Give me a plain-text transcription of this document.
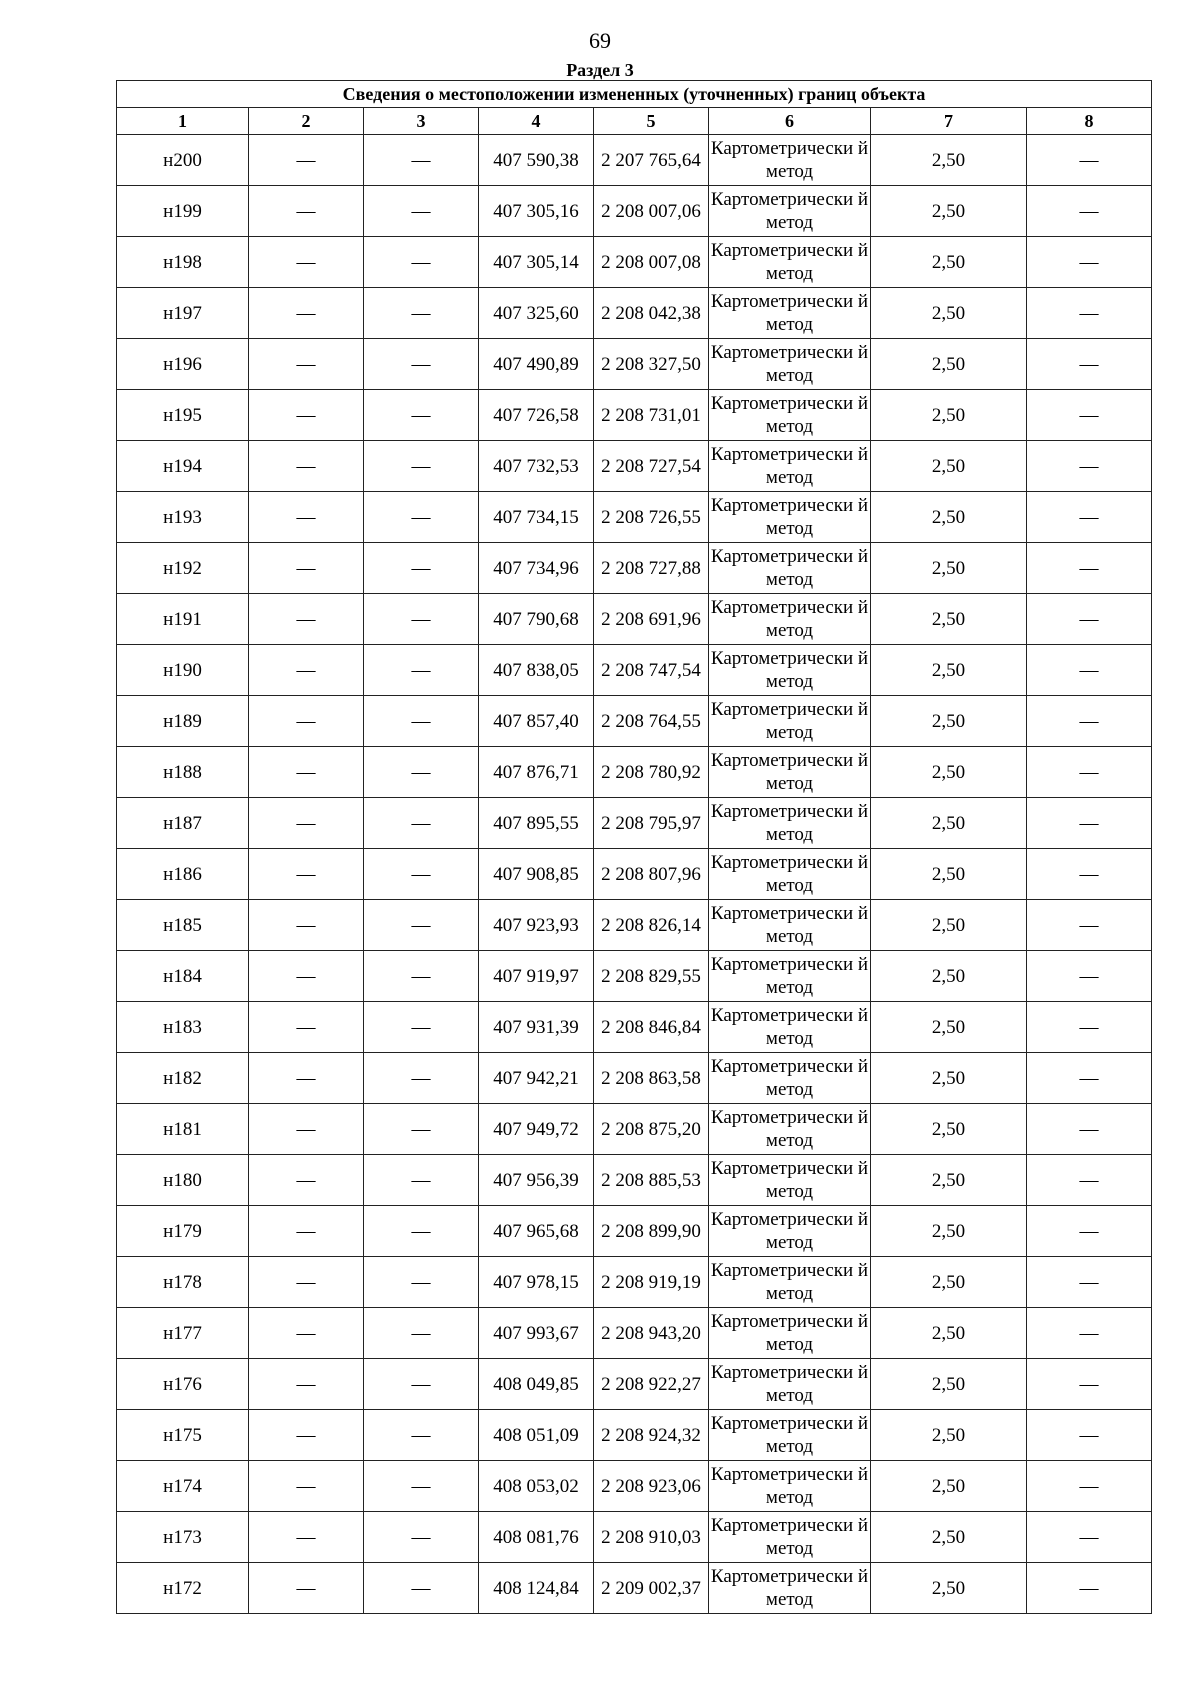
69
Раздел 3
Сведения о местоположении измененных (уточненных) границ объекта							
1	2	3	4	5	6	7	8
н200	—	—	407 590,38	2 207 765,64	Картометрически й метод	2,50	—
н199	—	—	407 305,16	2 208 007,06	Картометрически й метод	2,50	—
н198	—	—	407 305,14	2 208 007,08	Картометрически й метод	2,50	—
н197	—	—	407 325,60	2 208 042,38	Картометрически й метод	2,50	—
н196	—	—	407 490,89	2 208 327,50	Картометрически й метод	2,50	—
н195	—	—	407 726,58	2 208 731,01	Картометрически й метод	2,50	—
н194	—	—	407 732,53	2 208 727,54	Картометрически й метод	2,50	—
н193	—	—	407 734,15	2 208 726,55	Картометрически й метод	2,50	—
н192	—	—	407 734,96	2 208 727,88	Картометрически й метод	2,50	—
н191	—	—	407 790,68	2 208 691,96	Картометрически й метод	2,50	—
н190	—	—	407 838,05	2 208 747,54	Картометрически й метод	2,50	—
н189	—	—	407 857,40	2 208 764,55	Картометрически й метод	2,50	—
н188	—	—	407 876,71	2 208 780,92	Картометрически й метод	2,50	—
н187	—	—	407 895,55	2 208 795,97	Картометрически й метод	2,50	—
н186	—	—	407 908,85	2 208 807,96	Картометрически й метод	2,50	—
н185	—	—	407 923,93	2 208 826,14	Картометрически й метод	2,50	—
н184	—	—	407 919,97	2 208 829,55	Картометрически й метод	2,50	—
н183	—	—	407 931,39	2 208 846,84	Картометрически й метод	2,50	—
н182	—	—	407 942,21	2 208 863,58	Картометрически й метод	2,50	—
н181	—	—	407 949,72	2 208 875,20	Картометрически й метод	2,50	—
н180	—	—	407 956,39	2 208 885,53	Картометрически й метод	2,50	—
н179	—	—	407 965,68	2 208 899,90	Картометрически й метод	2,50	—
н178	—	—	407 978,15	2 208 919,19	Картометрически й метод	2,50	—
н177	—	—	407 993,67	2 208 943,20	Картометрически й метод	2,50	—
н176	—	—	408 049,85	2 208 922,27	Картометрически й метод	2,50	—
н175	—	—	408 051,09	2 208 924,32	Картометрически й метод	2,50	—
н174	—	—	408 053,02	2 208 923,06	Картометрически й метод	2,50	—
н173	—	—	408 081,76	2 208 910,03	Картометрически й метод	2,50	—
н172	—	—	408 124,84	2 209 002,37	Картометрически й метод	2,50	—
